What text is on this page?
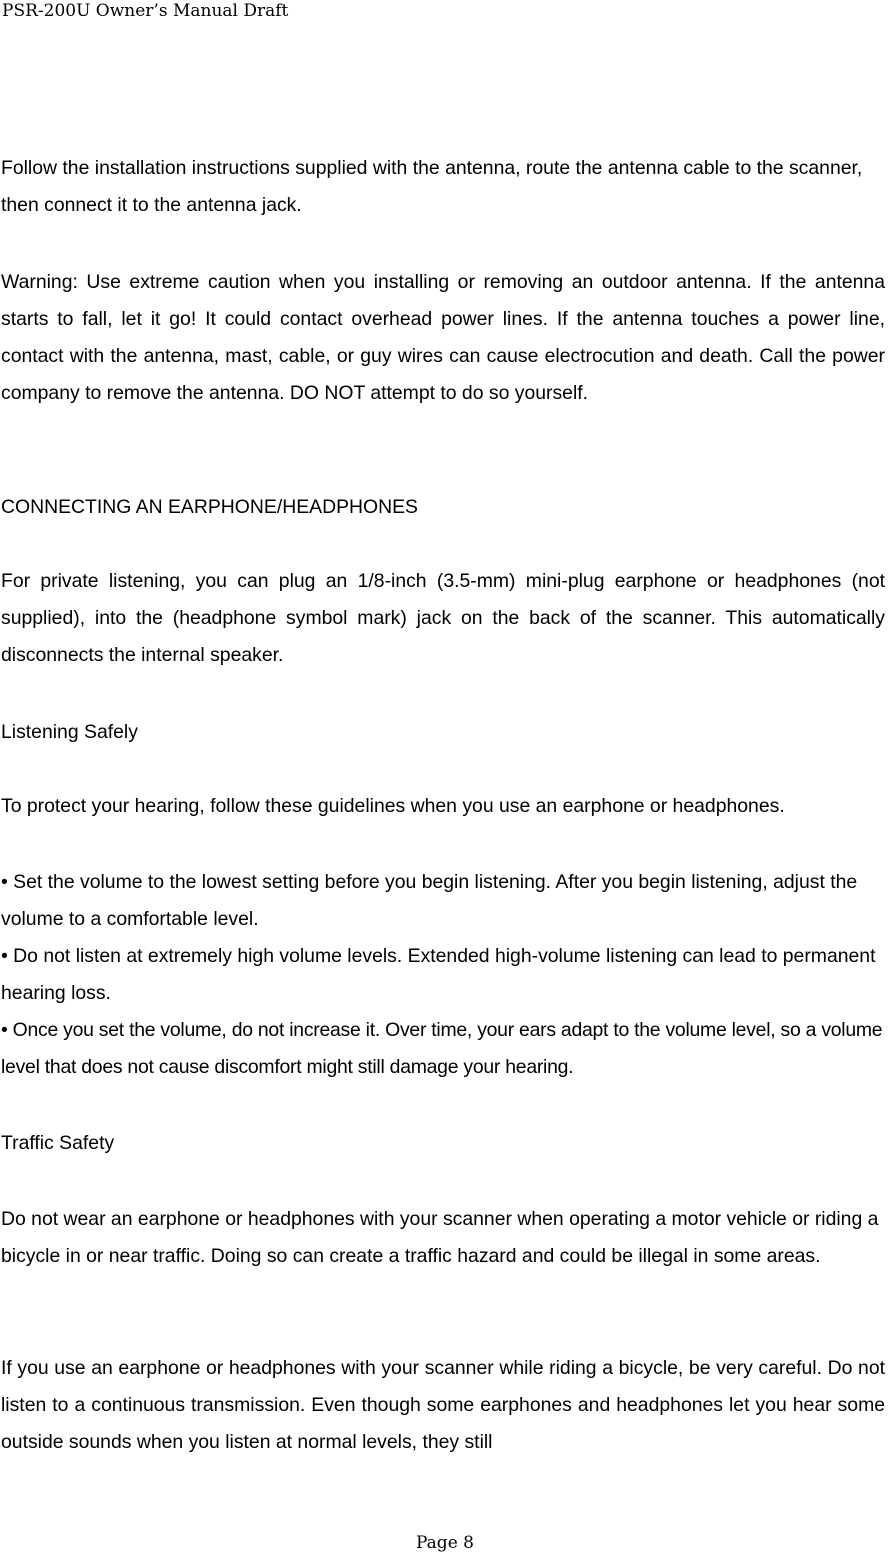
PSR-200U Owner’s Manual Draft
Follow the installation instructions supplied with the antenna, route the antenna cable to the scanner, then connect it to the antenna jack.
Warning: Use extreme caution when you installing or removing an outdoor antenna. If the antenna starts to fall, let it go! It could contact overhead power lines. If the antenna touches a power line, contact with the antenna, mast, cable, or guy wires can cause electrocution and death. Call the power company to remove the antenna. DO NOT attempt to do so yourself.
CONNECTING AN EARPHONE/HEADPHONES
For private listening, you can plug an 1/8-inch (3.5-mm) mini-plug earphone or headphones (not supplied), into the (headphone symbol mark) jack on the back of the scanner. This automatically disconnects the internal speaker.
Listening Safely
To protect your hearing, follow these guidelines when you use an earphone or headphones.
• Set the volume to the lowest setting before you begin listening. After you begin listening, adjust the volume to a comfortable level.
• Do not listen at extremely high volume levels. Extended high-volume listening can lead to permanent hearing loss.
• Once you set the volume, do not increase it. Over time, your ears adapt to the volume level, so a volume level that does not cause discomfort might still damage your hearing.
Traffic Safety
Do not wear an earphone or headphones with your scanner when operating a motor vehicle or riding a bicycle in or near traffic. Doing so can create a traffic hazard and could be illegal in some areas.
If you use an earphone or headphones with your scanner while riding a bicycle, be very careful. Do not listen to a continuous transmission. Even though some earphones and headphones let you hear some outside sounds when you listen at normal levels, they still
Page 8
